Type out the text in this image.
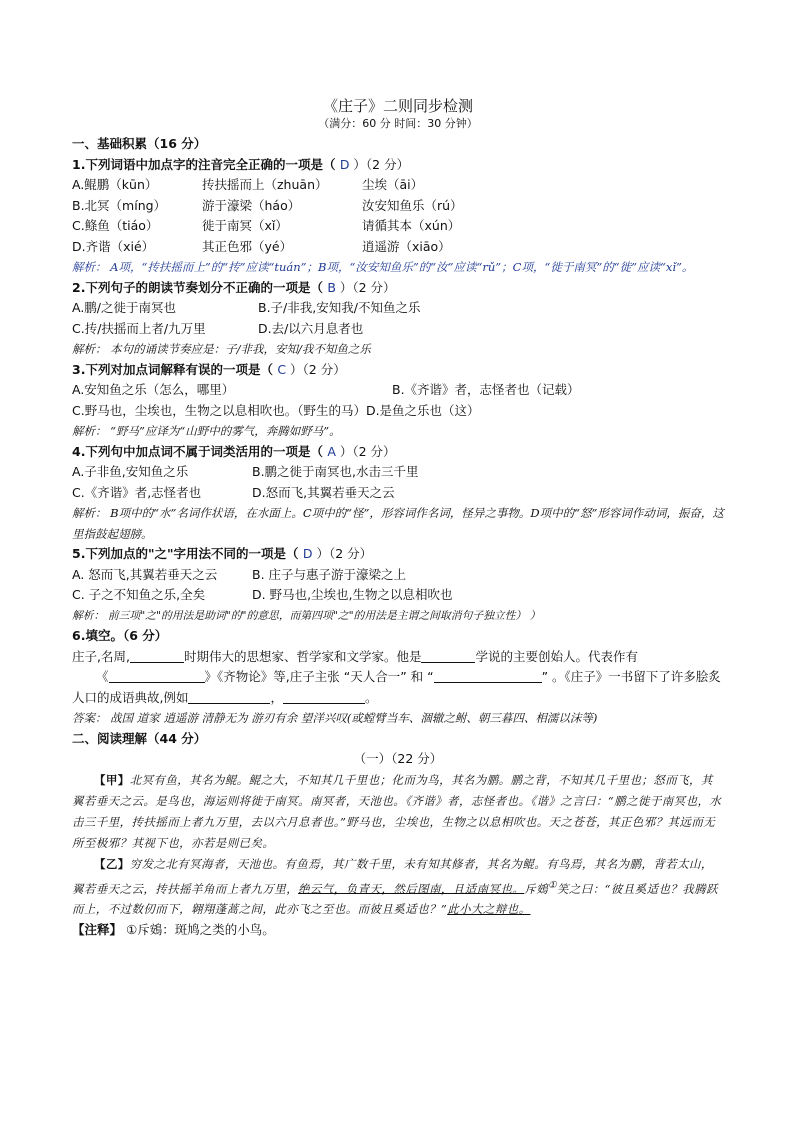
《庄子》二则同步检测

（满分：60 分 时间：30 分钟）

一、基础积累（16 分）
1.下列词语中加点字的注音完全正确的一项是（ D ）（2 分）
A.鲲鹏（kūn）	抟扶摇而上（zhuān）	尘埃（āi）
B.北冥（míng）	游于濠梁（háo）	汝安知鱼乐（rú）
C.鲦鱼（tiáo）	徙于南冥（xǐ）	请循其本（xún）
D.齐谐（xié）	其正色邪（yé）	逍遥游（xiāo）
解析： A项，“抟扶摇而上”的“抟”应读“tuán”；B项，“汝安知鱼乐”的“汝”应读“rǔ”；C项，“徙于南冥”的“徙”应读“xǐ”。
2.下列句子的朗读节奏划分不正确的一项是（ B ）（2 分）
A.鹏/之徙于南冥也	B.子/非我,安知我/不知鱼之乐
C.抟/扶摇而上者/九万里	D.去/以六月息者也
解析： 本句的诵读节奏应是：子/非我，安知/我不知鱼之乐
3.下列对加点词解释有误的一项是（ C ）（2 分）
A.安知鱼之乐（怎么，哪里）	B.《齐谐》者，志怪者也（记载）
C.野马也，尘埃也，生物之以息相吹也。（野生的马）D.是鱼之乐也（这）
解析： “野马”应译为“山野中的雾气，奔腾如野马”。
4.下列句中加点词不属于词类活用的一项是（ A ）（2 分）
A.子非鱼,安知鱼之乐	B.鹏之徙于南冥也,水击三千里
C.《齐谐》者,志怪者也	D.怒而飞,其翼若垂天之云
解析： B项中的“水”名词作状语，在水面上。C项中的“怪”，形容词作名词，怪异之事物。D项中的“怒”形容词作动词，振奋，这里指鼓起翅膀。
5.下列加点的"之"字用法不同的一项是（ D ）（2 分）
A. 怒而飞,其翼若垂天之云	B. 庄子与惠子游于濠梁之上
C. 子之不知鱼之乐,全矣	D. 野马也,尘埃也,生物之以息相吹也
解析： 前三项"之"的用法是助词"的"的意思，而第四项"之"的用法是主谓之间取消句子独立性） ）
6.填空。（6 分）
庄子,名周,	时期伟大的思想家、哲学家和文学家。他是	学说的主要创始人。代表作有
《	》《齐物论》等,庄子主张 “天人合一” 和 “	” 。《庄子》一书留下了许多脍炙人口的成语典故,例如	，	。
答案： 战国 道家 逍遥游 清静无为 游刃有余 望洋兴叹(或螳臂当车、涸辙之鲋、朝三暮四、相濡以沫等)
二、阅读理解（44 分）
（一）（22 分）

【甲】北冥有鱼，其名为鲲。鲲之大，不知其几千里也；化而为鸟，其名为鹏。鹏之背，不知其几千里也；怒而飞，其翼若垂天之云。是鸟也，海运则将徙于南冥。南冥者，天池也。《齐谐》者，志怪者也。《谐》之言曰：“鹏之徙于南冥也，水击三千里，抟扶摇而上者九万里，去以六月息者也。”野马也，尘埃也，生物之以息相吹也。天之苍苍，其正色邪？其远而无所至极邪？其视下也，亦若是则已矣。

【乙】穷发之北有冥海者，天池也。有鱼焉，其广数千里，未有知其修者，其名为鲲。有鸟焉，其名为鹏，背若太山，翼若垂天之云，抟扶摇羊角而上者九万里，绝云气，负青天，然后图南，且适南冥也。斥鴳①笑之曰：“彼且奚适也？我腾跃而上，不过数仞而下，翱翔蓬蒿之间，此亦飞之至也。而彼且奚适也？”此小大之辩也。

【注释】 ①斥鴳：斑鸠之类的小鸟。
